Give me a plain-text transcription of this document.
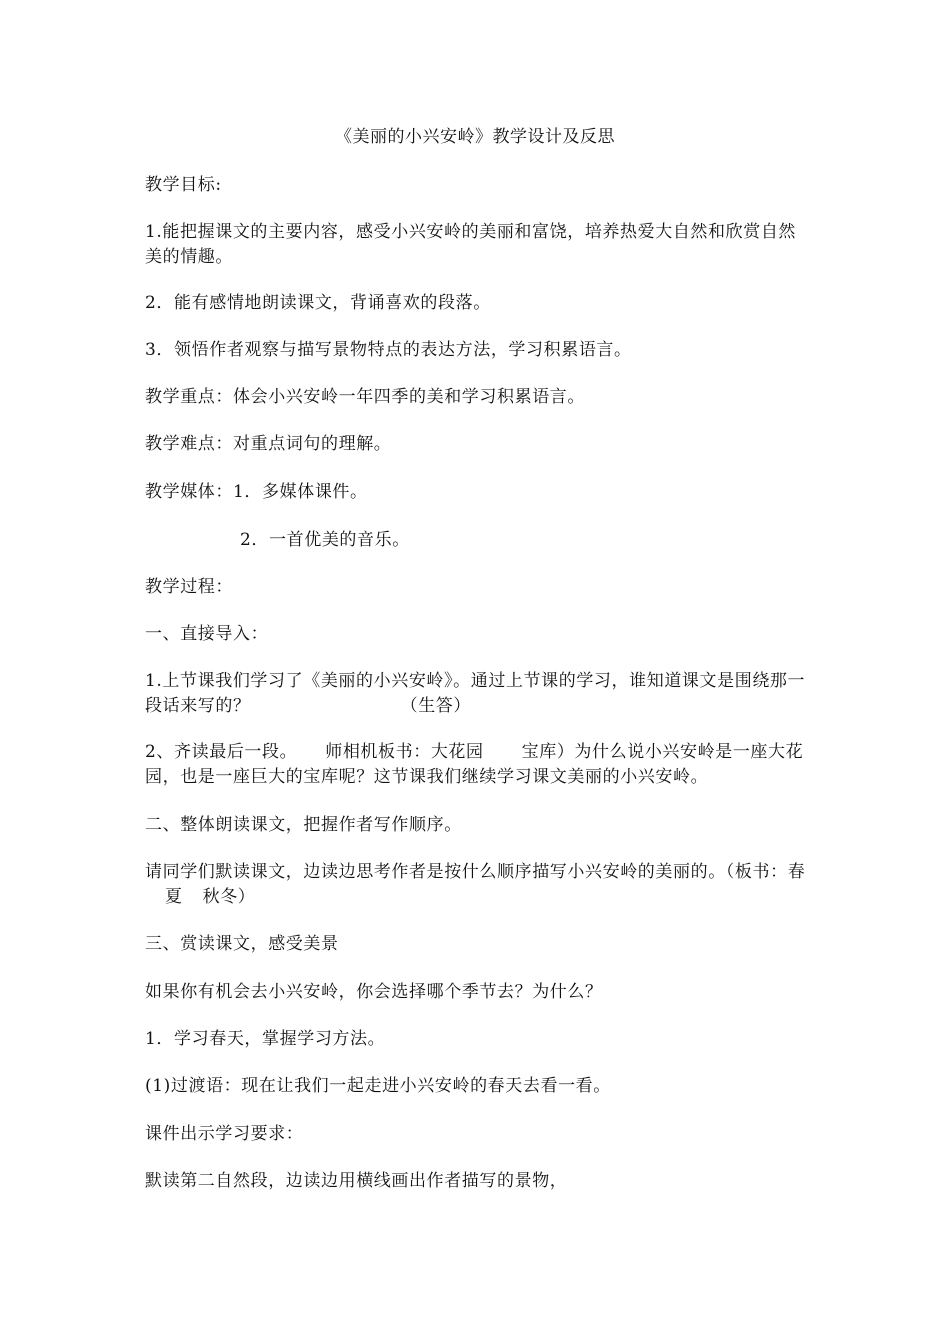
《美丽的小兴安岭》教学设计及反思
教学目标:
1.能把握课文的主要内容，感受小兴安岭的美丽和富饶，培养热爱大自然和欣赏自然美的情趣。
2．能有感情地朗读课文，背诵喜欢的段落。
3．领悟作者观察与描写景物特点的表达方法，学习积累语言。
教学重点：体会小兴安岭一年四季的美和学习积累语言。
教学难点：对重点词句的理解。
教学媒体：1．多媒体课件。
2．一首优美的音乐。
教学过程：
一、直接导入：
1.上节课我们学习了《美丽的小兴安岭》。通过上节课的学习，谁知道课文是围绕那一段话来写的？	（生答）
2、齐读最后一段。 师相机板书：大花园 宝库）为什么说小兴安岭是一座大花园，也是一座巨大的宝库呢？这节课我们继续学习课文美丽的小兴安岭。
二、整体朗读课文，把握作者写作顺序。
请同学们默读课文，边读边思考作者是按什么顺序描写小兴安岭的美丽的。（板书：春夏 秋冬）
三、赏读课文，感受美景
如果你有机会去小兴安岭，你会选择哪个季节去？为什么？
1．学习春天，掌握学习方法。
(1)过渡语：现在让我们一起走进小兴安岭的春天去看一看。
课件出示学习要求：
默读第二自然段，边读边用横线画出作者描写的景物，
